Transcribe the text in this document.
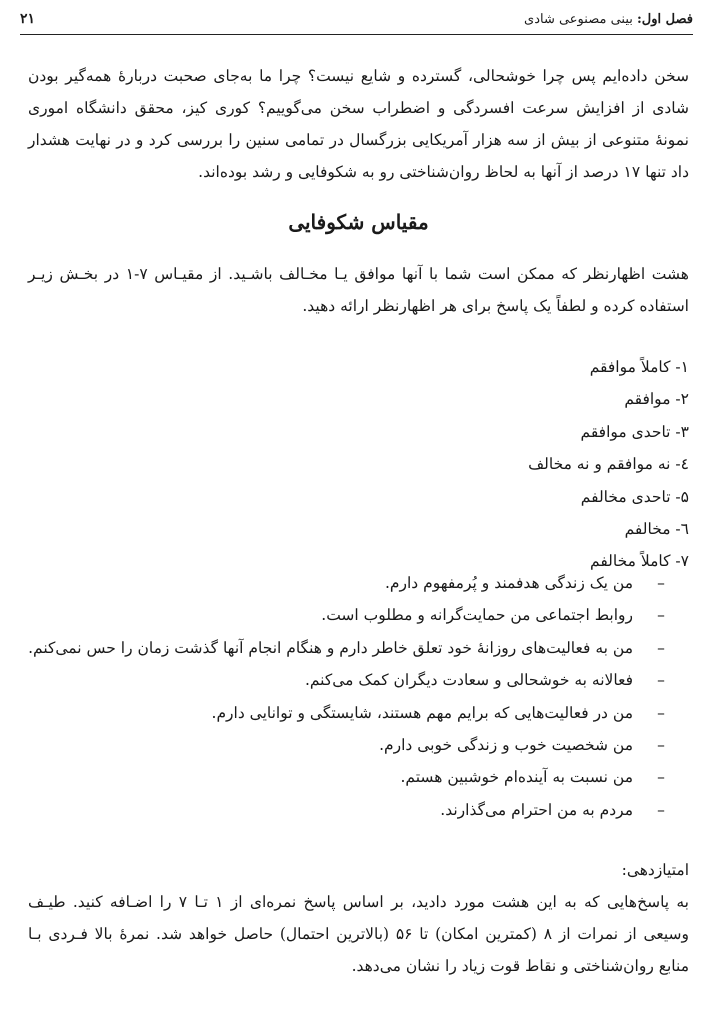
فصل اول: بینی مصنوعی شادی
۲۱

سخن داده‌ایم پس چرا خوشحالی، گسترده و شایع نیست؟ چرا ما به‌جای صحبت دربارهٔ همه‌گیر بودن شادی از افزایش سرعت افسردگی و اضطراب سخن می‌گوییم؟ کوری کیز، محقق دانشگاه اموری نمونهٔ متنوعی از بیش از سه هزار آمریکایی بزرگسال در تمامی سنین را بررسی کرد و در نهایت هشدار داد تنها ۱۷ درصد از آنها به لحاظ روان‌شناختی رو به شکوفایی و رشد بوده‌اند.

مقیاس شکوفایی

هشت اظهارنظر که ممکن است شما با آنها موافق یـا مخـالف باشـید. از مقیـاس ۷-۱ در بخـش زیـر استفاده کرده و لطفاً یک پاسخ برای هر اظهارنظر ارائه دهید.

۱- کاملاً موافقم
۲- موافقم
۳- تاحدی موافقم
٤- نه موافقم و نه مخالف
۵- تاحدی مخالفم
٦- مخالفم
۷- کاملاً مخالفم
–
من یک زندگی هدفمند و پُرمفهوم دارم.
–
روابط اجتماعی من حمایت‌گرانه و مطلوب است.
–
من به فعالیت‌های روزانهٔ خود تعلق خاطر دارم و هنگام انجام آنها گذشت زمان را حس نمی‌کنم.
–
فعالانه به خوشحالی و سعادت دیگران کمک می‌کنم.
–
من در فعالیت‌هایی که برایم مهم هستند، شایستگی و توانایی دارم.
–
من شخصیت خوب و زندگی خوبی دارم.
–
من نسبت به آینده‌ام خوشبین هستم.
–
مردم به من احترام می‌گذارند.
امتیازدهی:

به پاسخ‌هایی که به این هشت مورد دادید، بر اساس پاسخ نمره‌ای از ۱ تـا ۷ را اضـافه کنید. طیـف وسیعی از نمرات از ۸ (کمترین امکان) تا ۵۶ (بالاترین احتمال) حاصل خواهد شد. نمرهٔ بالا فـردی بـا منابع روان‌شناختی و نقاط قوت زیاد را نشان می‌دهد.
